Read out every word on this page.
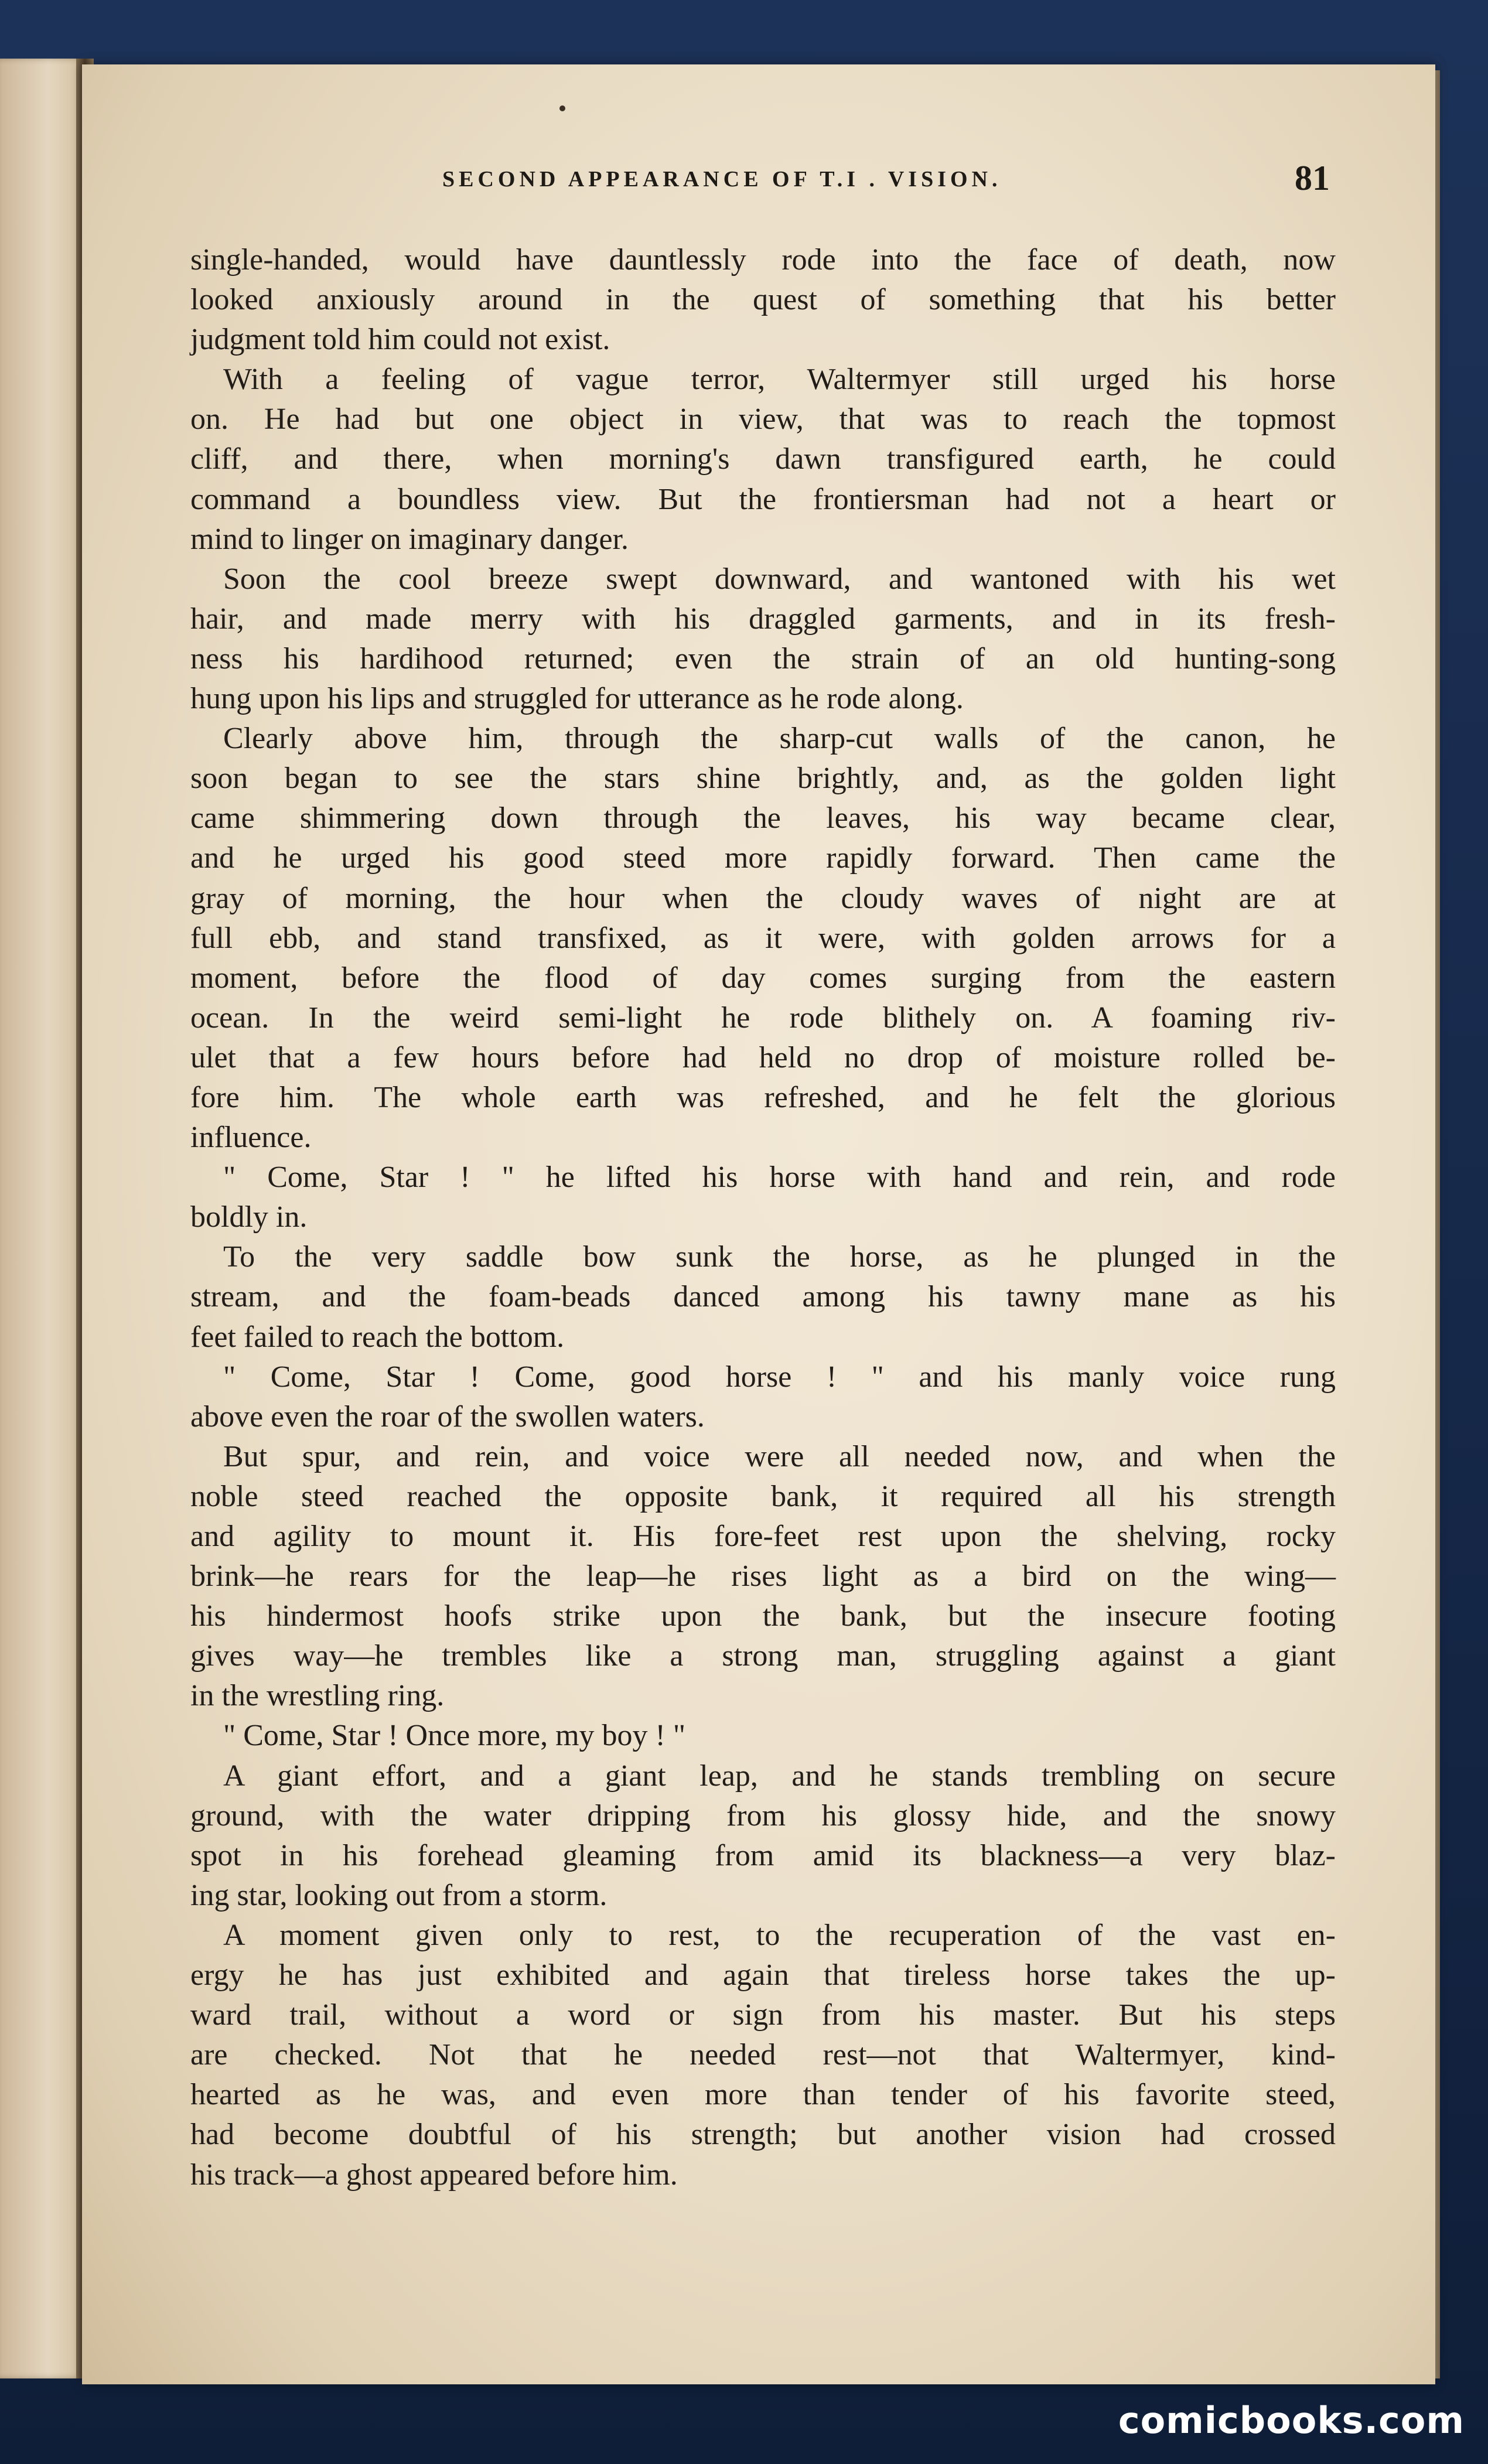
SECOND APPEARANCE OF T.I . VISION.	81
single-handed, would have dauntlessly rode into the face of death, now
looked anxiously around in the quest of something that his better
judgment told him could not exist.
With a feeling of vague terror, Waltermyer still urged his horse
on. He had but one object in view, that was to reach the topmost
cliff, and there, when morning's dawn transfigured earth, he could
command a boundless view. But the frontiersman had not a heart or
mind to linger on imaginary danger.
Soon the cool breeze swept downward, and wantoned with his wet
hair, and made merry with his draggled garments, and in its fresh-
ness his hardihood returned; even the strain of an old hunting-song
hung upon his lips and struggled for utterance as he rode along.
Clearly above him, through the sharp-cut walls of the canon, he
soon began to see the stars shine brightly, and, as the golden light
came shimmering down through the leaves, his way became clear,
and he urged his good steed more rapidly forward. Then came the
gray of morning, the hour when the cloudy waves of night are at
full ebb, and stand transfixed, as it were, with golden arrows for a
moment, before the flood of day comes surging from the eastern
ocean. In the weird semi-light he rode blithely on. A foaming riv-
ulet that a few hours before had held no drop of moisture rolled be-
fore him. The whole earth was refreshed, and he felt the glorious
influence.
" Come, Star ! " he lifted his horse with hand and rein, and rode
boldly in.
To the very saddle bow sunk the horse, as he plunged in the
stream, and the foam-beads danced among his tawny mane as his
feet failed to reach the bottom.
" Come, Star ! Come, good horse ! " and his manly voice rung
above even the roar of the swollen waters.
But spur, and rein, and voice were all needed now, and when the
noble steed reached the opposite bank, it required all his strength
and agility to mount it. His fore-feet rest upon the shelving, rocky
brink—he rears for the leap—he rises light as a bird on the wing—
his hindermost hoofs strike upon the bank, but the insecure footing
gives way—he trembles like a strong man, struggling against a giant
in the wrestling ring.
" Come, Star ! Once more, my boy ! "
A giant effort, and a giant leap, and he stands trembling on secure
ground, with the water dripping from his glossy hide, and the snowy
spot in his forehead gleaming from amid its blackness—a very blaz-
ing star, looking out from a storm.
A moment given only to rest, to the recuperation of the vast en-
ergy he has just exhibited and again that tireless horse takes the up-
ward trail, without a word or sign from his master. But his steps
are checked. Not that he needed rest—not that Waltermyer, kind-
hearted as he was, and even more than tender of his favorite steed,
had become doubtful of his strength; but another vision had crossed
his track—a ghost appeared before him.
comicbooks.com
